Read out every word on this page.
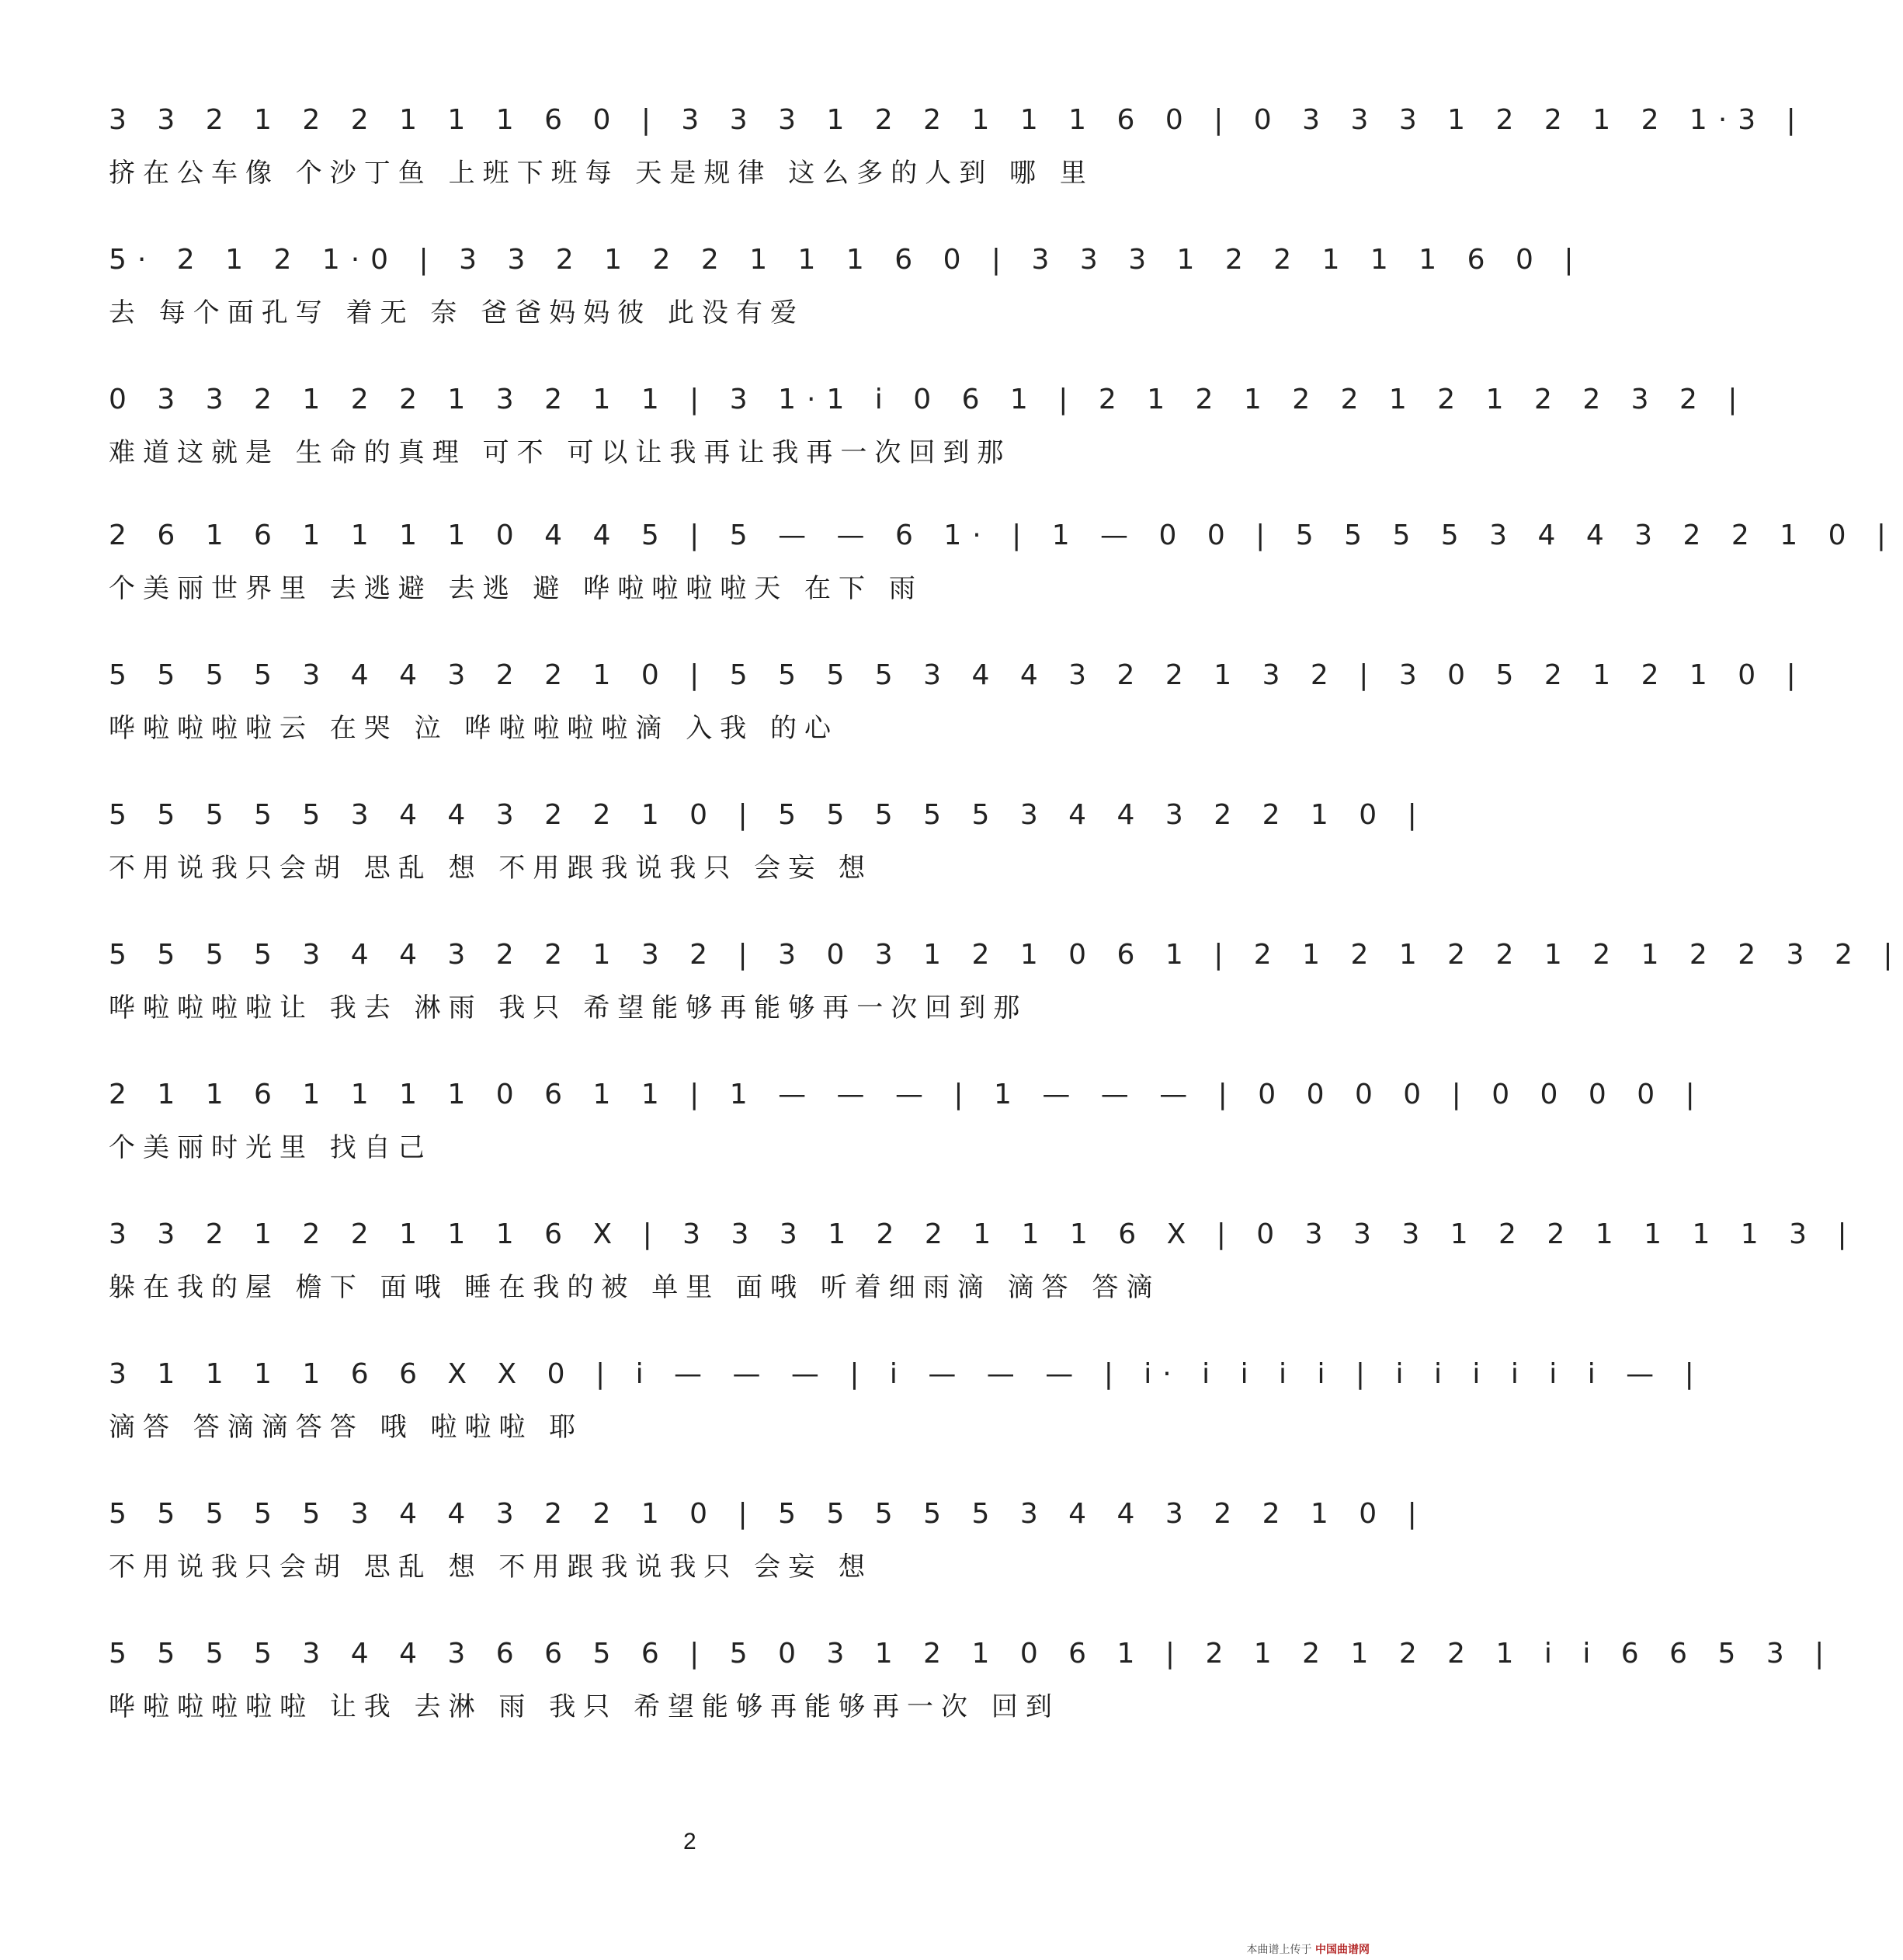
3 3 2 1 2 2 1 1 1 6 0 | 3 3 3 1 2 2 1 1 1 6 0 | 0 3 3 3 1 2 2 1 2 1·3 |
挤在公车像 个沙丁鱼 上班下班每 天是规律 这么多的人到 哪 里
5· 2 1 2 1·0 | 3 3 2 1 2 2 1 1 1 6 0 | 3 3 3 1 2 2 1 1 1 6 0 |
去 每个面孔写 着无 奈 爸爸妈妈彼 此没有爱
0 3 3 2 1 2 2 1 3 2 1 1 | 3 1·1 i 0 6 1 | 2 1 2 1 2 2 1 2 1 2 2 3 2 |
难道这就是 生命的真理 可不 可以让我再让我再一次回到那
2 6 1 6 1 1 1 1 0 4 4 5 | 5 — — 6 1· | 1 — 0 0 | 5 5 5 5 3 4 4 3 2 2 1 0 |
个美丽世界里 去逃避 去逃 避 哗啦啦啦啦天 在下 雨
5 5 5 5 3 4 4 3 2 2 1 0 | 5 5 5 5 3 4 4 3 2 2 1 3 2 | 3 0 5 2 1 2 1 0 |
哗啦啦啦啦云 在哭 泣 哗啦啦啦啦滴 入我 的心
5 5 5 5 5 3 4 4 3 2 2 1 0 | 5 5 5 5 5 3 4 4 3 2 2 1 0 |
不用说我只会胡 思乱 想 不用跟我说我只 会妄 想
5 5 5 5 3 4 4 3 2 2 1 3 2 | 3 0 3 1 2 1 0 6 1 | 2 1 2 1 2 2 1 2 1 2 2 3 2 |
哗啦啦啦啦让 我去 淋雨 我只 希望能够再能够再一次回到那
2 1 1 6 1 1 1 1 0 6 1 1 | 1 — — — | 1 — — — | 0 0 0 0 | 0 0 0 0 |
个美丽时光里 找自己
3 3 2 1 2 2 1 1 1 6 X | 3 3 3 1 2 2 1 1 1 6 X | 0 3 3 3 1 2 2 1 1 1 1 3 |
躲在我的屋 檐下 面哦 睡在我的被 单里 面哦 听着细雨滴 滴答 答滴
3 1 1 1 1 6 6 X X 0 | i — — — | i — — — | i· i i i i | i i i i i i — |
滴答 答滴滴答答 哦 啦啦啦 耶
5 5 5 5 5 3 4 4 3 2 2 1 0 | 5 5 5 5 5 3 4 4 3 2 2 1 0 |
不用说我只会胡 思乱 想 不用跟我说我只 会妄 想
5 5 5 5 3 4 4 3 6 6 5 6 | 5 0 3 1 2 1 0 6 1 | 2 1 2 1 2 2 1 i i 6 6 5 3 |
哗啦啦啦啦啦 让我 去淋 雨 我只 希望能够再能够再一次 回到
2
本曲谱上传于 中国曲谱网
